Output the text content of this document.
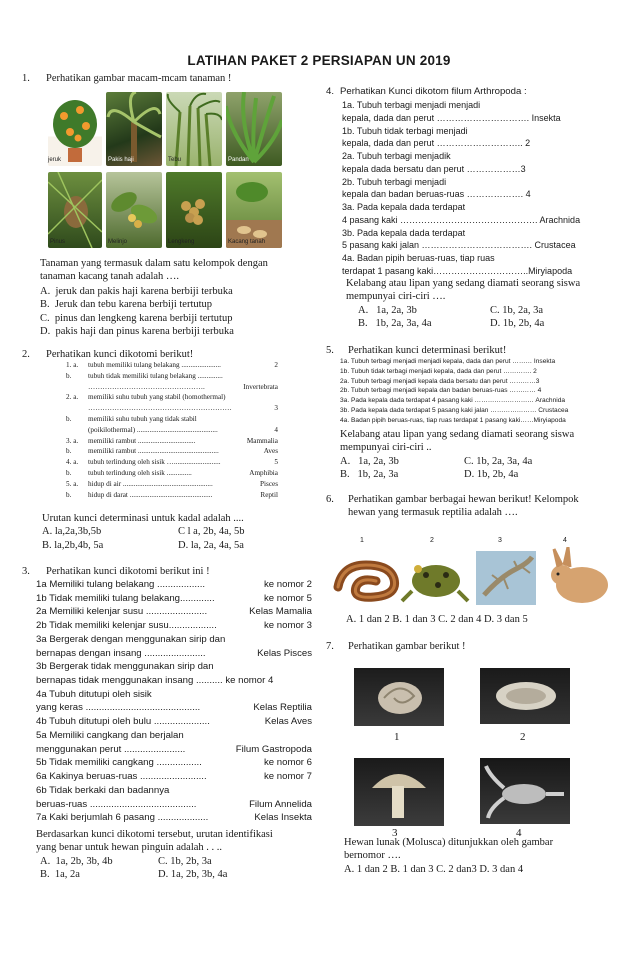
LATIHAN PAKET 2 PERSIAPAN UN 2019
1.	Perhatikan gambar macam-mcam tanaman !
jeruk	Pakis haji	Tebu	Pandan
Pinus	Melinjo	Lengkeng	Kacang tanah
Tanaman yang termasuk dalam satu kelompok dengan
tanaman kacang tanah adalah ….
A. jeruk dan pakis haji karena berbiji terbuka
B. Jeruk dan tebu karena berbiji tertutup
C. pinus dan lengkeng karena berbiji tertutup
D. pakis haji dan pinus karena berbiji terbuka
2.	Perhatikan kunci dikotomi berikut!
1. a.	tubuh memiliki tulang belakang ......................	2
b.	tubuh tidak memiliki tulang belakang ..............
………………………………………….	Invertebrata
2. a.	memiliki suhu tubuh yang stabil (homothermal)
……………………………………………………	3
b.	memiliki suhu tubuh yang tidak stabil
(poikilothermal) .............................................	4
3. a.	memiliki rambut ................................	Mammalia
b.	memiliki rambut .............................................	Aves
4. a.	tubuh terlindung oleh sisik …..........................	5
b.	tubuh terlindung oleh sisik ..............	Amphibia
5. a.	hidup di air ..................................................	Pisces
b.	hidup di darat ..............................................	Reptil
Urutan kunci determinasi untuk kadal adalah ....
A. la,2a,3b,5b	C l a, 2b, 4a, 5b
B. la,2b,4b, 5a	D. la, 2a, 4a, 5a
3.	Perhatikan kunci dikotomi berikut ini !
1a Memiliki tulang belakang ..................	ke nomor 2
1b Tidak memiliki tulang belakang.............	ke nomor 5
2a Memiliki kelenjar susu .......................	Kelas Mamalia
2b Tidak memiliki kelenjar susu..................	ke nomor 3
3a Bergerak dengan menggunakan sirip dan
bernapas dengan insang .......................	Kelas Pisces
3b Bergerak tidak menggunakan sirip dan
bernapas tidak menggunakan insang .......... ke nomor 4
4a Tubuh ditutupi oleh sisik
yang keras ...........................................	Kelas Reptilia
4b Tubuh ditutupi oleh bulu .....................	Kelas Aves
5a Memiliki cangkang dan berjalan
menggunakan perut .......................	Filum Gastropoda
5b Tidak memiliki cangkang .................	ke nomor 6
6a Kakinya beruas-ruas .........................	ke nomor 7
6b Tidak berkaki dan badannya
beruas-ruas ........................................	Filum Annelida
7a Kaki berjumlah 6 pasang ...................	Kelas Insekta
Berdasarkan kunci dikotomi tersebut, urutan identifikasi
yang benar untuk hewan pinguin adalah . . ..
A. 1a, 2b, 3b, 4b	C. 1b, 2b, 3a
B. 1a, 2a	D. 1a, 2b, 3b, 4a
4. Perhatikan Kunci dikotom filum Arthropoda :
1a. Tubuh terbagi menjadi menjadi
kepala, dada dan perut …………………………. Insekta
1b. Tubuh tidak terbagi menjadi
kepala, dada dan perut ……………………….. 2
2a. Tubuh terbagi menjadik
kepala dada bersatu dan perut ………………3
2b. Tubuh terbagi menjadi
kepala dan badan beruas-ruas ………………. 4
3a. Pada kepala dada terdapat
4 pasang kaki ………………………………………. Arachnida
3b. Pada kepala dada terdapat
5 pasang kaki jalan ………………………………. Crustacea
4a. Badan pipih beruas-ruas, tiap ruas
terdapat 1 pasang kaki…………………………..Miryiapoda
Kelabang atau lipan yang sedang diamati seorang siswa
mempunyai ciri-ciri ….
A. 1a, 2a, 3b	C. 1b, 2a, 3a
B. 1b, 2a, 3a, 4a	D. 1b, 2b, 4a
5.	Perhatikan kunci determinasi berikut!
1a. Tubuh terbagi menjadi menjadi kepala, dada dan perut ……… Insekta
1b. Tubuh tidak terbagi menjadi kepala, dada dan perut …………. 2
2a. Tubuh terbagi menjadi kepala dada bersatu dan perut …………3
2b. Tubuh terbagi menjadi kepala dan badan beruas-ruas ………… 4
3a. Pada kepala dada terdapat 4 pasang kaki ……………………… Arachnida
3b. Pada kepala dada terdapat 5 pasang kaki jalan ………………… Crustacea
4a. Badan pipih beruas-ruas, tiap ruas terdapat 1 pasang kaki……Miryiapoda
Kelabang atau lipan yang sedang diamati seorang siswa
mempunyai ciri-ciri ..
A. 1a, 2a, 3b	C. 1b, 2a, 3a, 4a
B. 1b, 2a, 3a	D. 1b, 2b, 4a
6.	Perhatikan gambar berbagai hewan berikut! Kelompok
hewan yang termasuk reptilia adalah ….
1	2	3	4
A. 1 dan 2 B. 1 dan 3 C. 2 dan 4 D. 3 dan 5
7.	Perhatikan gambar berikut !
1	2
3	4
Hewan lunak (Molusca) ditunjukkan oleh gambar
bernomor ….
A. 1 dan 2 B. 1 dan 3 C. 2 dan3 D. 3 dan 4
